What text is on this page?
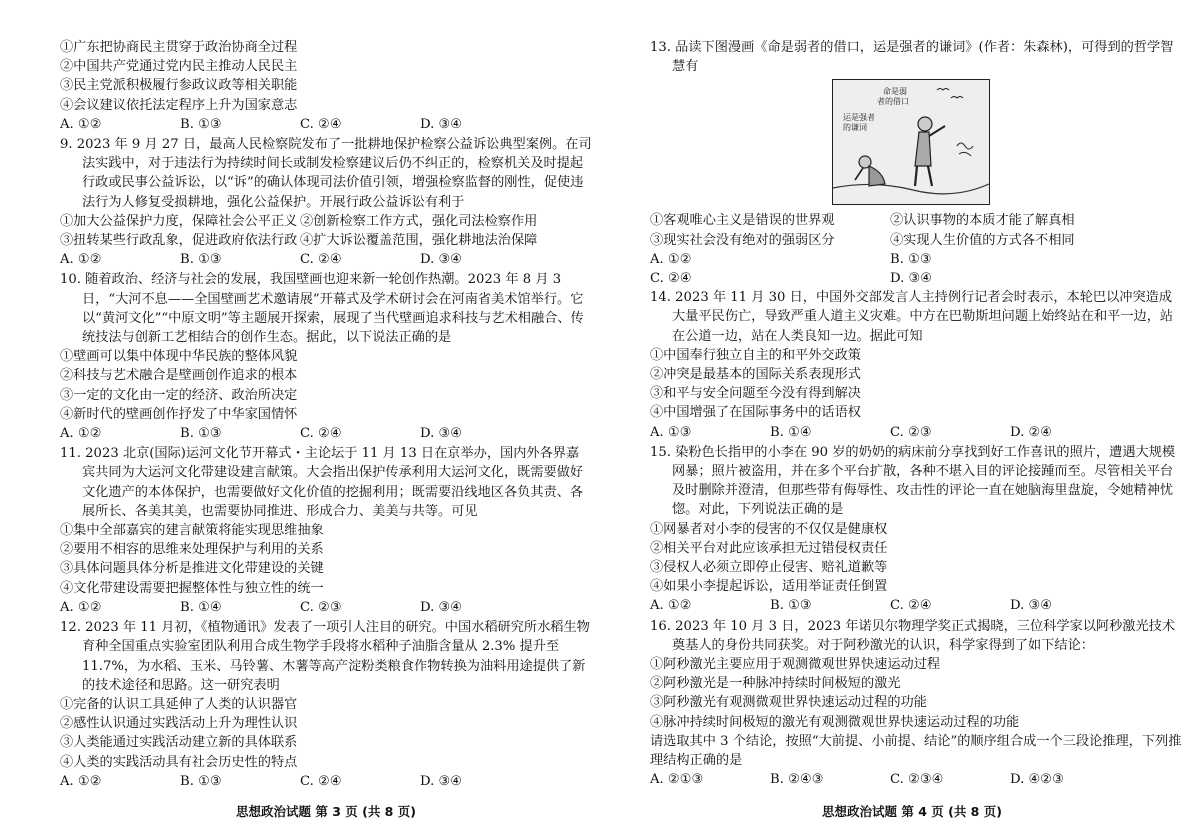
①广东把协商民主贯穿于政治协商全过程

②中国共产党通过党内民主推动人民民主

③民主党派积极履行参政议政等相关职能

④会议建议依托法定程序上升为国家意志

A. ①②	B. ①③	C. ②④	D. ③④

9. 2023 年 9 月 27 日，最高人民检察院发布了一批耕地保护检察公益诉讼典型案例。在司法实践中，对于违法行为持续时间长或制发检察建议后仍不纠正的，检察机关及时提起行政或民事公益诉讼，以“诉”的确认体现司法价值引领，增强检察监督的刚性，促使违法行为人修复受损耕地，强化公益保护。开展行政公益诉讼有利于

①加大公益保护力度，保障社会公平正义 ②创新检察工作方式，强化司法检察作用
③扭转某些行政乱象，促进政府依法行政 ④扩大诉讼覆盖范围，强化耕地法治保障
A. ①②	B. ①③	C. ②④	D. ③④

10. 随着政治、经济与社会的发展，我国壁画也迎来新一轮创作热潮。2023 年 8 月 3 日，“大河不息——全国壁画艺术邀请展”开幕式及学术研讨会在河南省美术馆举行。它以“黄河文化”“中原文明”等主题展开探索，展现了当代壁画追求科技与艺术相融合、传统技法与创新工艺相结合的创作生态。据此，以下说法正确的是

①壁画可以集中体现中华民族的整体风貌

②科技与艺术融合是壁画创作追求的根本

③一定的文化由一定的经济、政治所决定

④新时代的壁画创作抒发了中华家国情怀

A. ①②	B. ①③	C. ②④	D. ③④

11. 2023 北京(国际)运河文化节开幕式・主论坛于 11 月 13 日在京举办，国内外各界嘉宾共同为大运河文化带建设建言献策。大会指出保护传承利用大运河文化，既需要做好文化遗产的本体保护，也需要做好文化价值的挖掘利用；既需要沿线地区各负其责、各展所长、各美其美，也需要协同推进、形成合力、美美与共等。可见

①集中全部嘉宾的建言献策将能实现思维抽象

②要用不相容的思维来处理保护与利用的关系

③具体问题具体分析是推进文化带建设的关键

④文化带建设需要把握整体性与独立性的统一

A. ①②	B. ①④	C. ②③	D. ③④

12. 2023 年 11 月初，《植物通讯》发表了一项引人注目的研究。中国水稻研究所水稻生物育种全国重点实验室团队利用合成生物学手段将水稻种子油脂含量从 2.3% 提升至 11.7%，为水稻、玉米、马铃薯、木薯等高产淀粉类粮食作物转换为油料用途提供了新的技术途径和思路。这一研究表明

①完备的认识工具延伸了人类的认识器官

②感性认识通过实践活动上升为理性认识

③人类能通过实践活动建立新的具体联系

④人类的实践活动具有社会历史性的特点

A. ①②	B. ①③	C. ②④	D. ③④
思想政治试题 第 3 页 (共 8 页)

13. 品读下图漫画《命是弱者的借口，运是强者的谦词》(作者：朱森林)，可得到的哲学智慧有

命是弱
者的借口
运是强者
的谦词
①客观唯心主义是错误的世界观	②认识事物的本质才能了解真相
③现实社会没有绝对的强弱区分	④实现人生价值的方式各不相同
A. ①②	B. ①③
C. ②④	D. ③④

14. 2023 年 11 月 30 日，中国外交部发言人主持例行记者会时表示，本轮巴以冲突造成大量平民伤亡，导致严重人道主义灾难。中方在巴勒斯坦问题上始终站在和平一边，站在公道一边，站在人类良知一边。据此可知

①中国奉行独立自主的和平外交政策

②冲突是最基本的国际关系表现形式

③和平与安全问题至今没有得到解决

④中国增强了在国际事务中的话语权

A. ①③	B. ①④	C. ②③	D. ②④

15. 染粉色长指甲的小李在 90 岁的奶奶的病床前分享找到好工作喜讯的照片，遭遇大规模网暴；照片被盗用，并在多个平台扩散，各种不堪入目的评论接踵而至。尽管相关平台及时删除并澄清，但那些带有侮辱性、攻击性的评论一直在她脑海里盘旋，令她精神忧惚。对此，下列说法正确的是

①网暴者对小李的侵害的不仅仅是健康权

②相关平台对此应该承担无过错侵权责任

③侵权人必须立即停止侵害、赔礼道歉等

④如果小李提起诉讼，适用举证责任倒置

A. ①②	B. ①③	C. ②④	D. ③④

16. 2023 年 10 月 3 日，2023 年诺贝尔物理学奖正式揭晓，三位科学家以阿秒激光技术奠基人的身份共同获奖。对于阿秒激光的认识，科学家得到了如下结论：

①阿秒激光主要应用于观测微观世界快速运动过程

②阿秒激光是一种脉冲持续时间极短的激光

③阿秒激光有观测微观世界快速运动过程的功能

④脉冲持续时间极短的激光有观测微观世界快速运动过程的功能

请选取其中 3 个结论，按照“大前提、小前提、结论”的顺序组合成一个三段论推理，下列推理结构正确的是

A. ②①③	B. ②④③	C. ②③④	D. ④②③
思想政治试题 第 4 页 (共 8 页)
